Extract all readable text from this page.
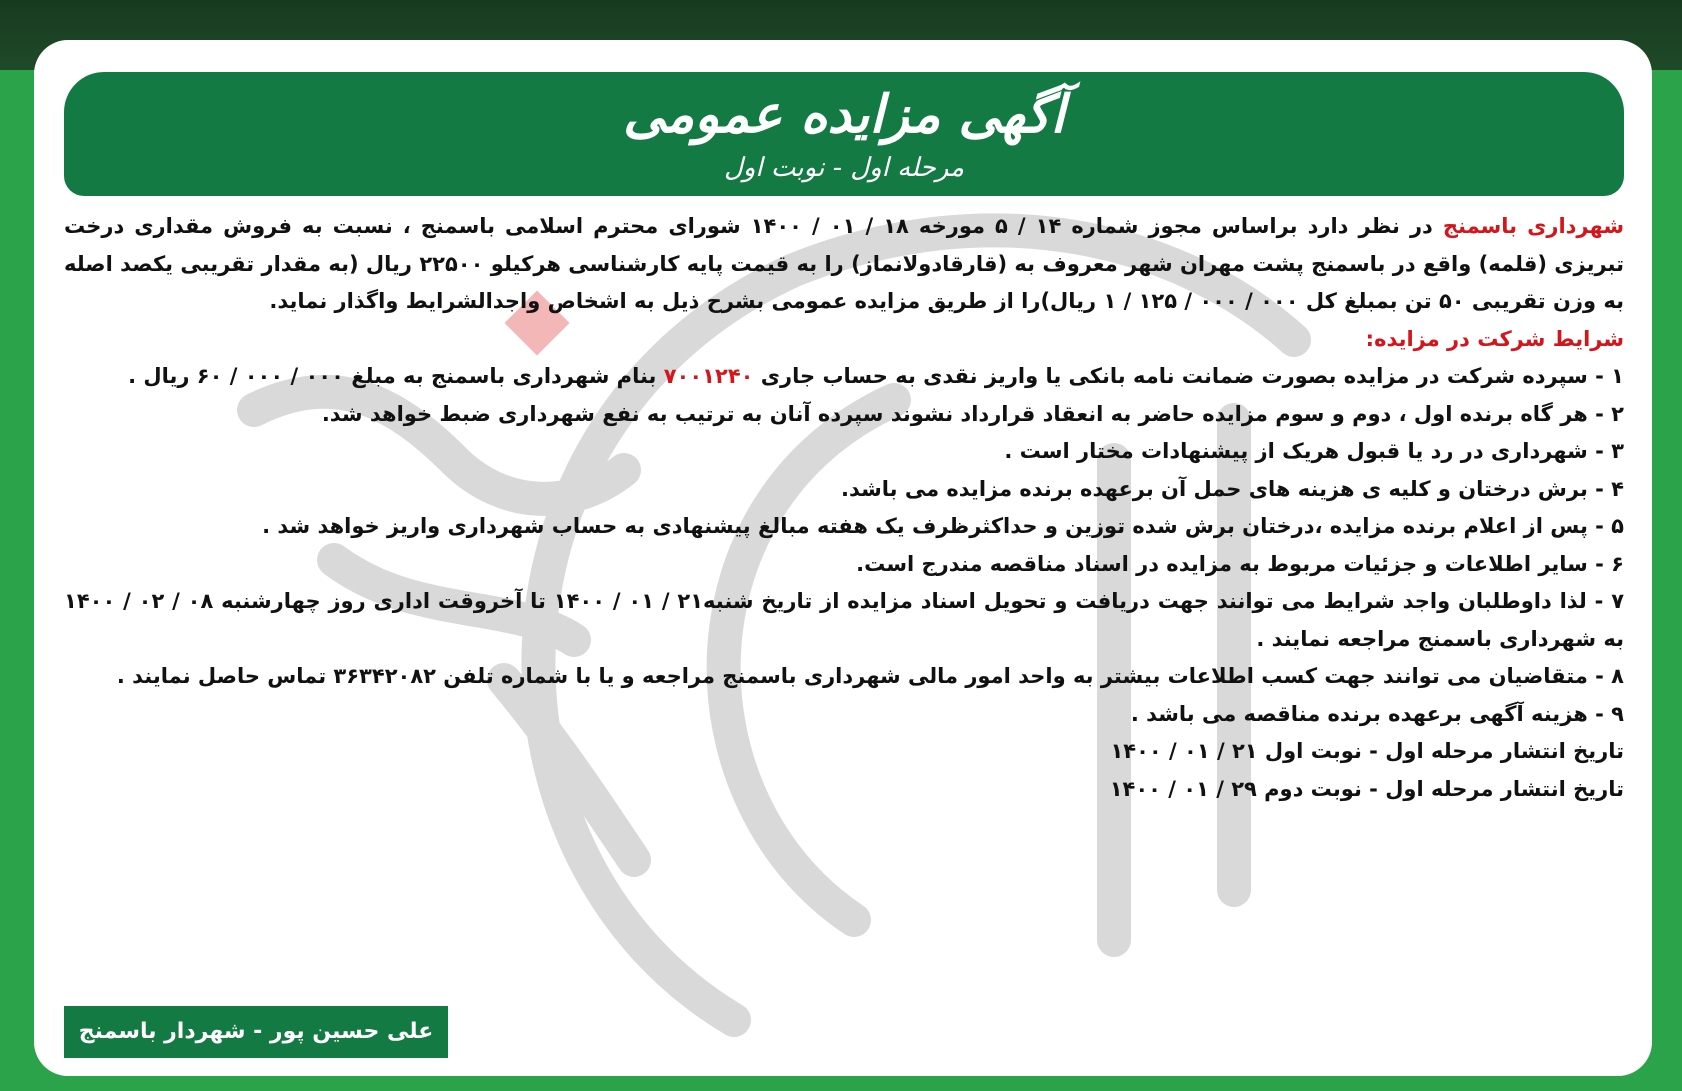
آگهی مزایده عمومی
مرحله اول - نوبت اول

شهرداری باسمنج در نظر دارد براساس مجوز شماره ۱۴ / ۵ مورخه ۱۸ / ۰۱ / ۱۴۰۰ شورای محترم اسلامی باسمنج ، نسبت به فروش مقداری درخت تبریزی (قلمه) واقع در باسمنج پشت مهران شهر معروف به (قارقادولانماز) را به قیمت پایه کارشناسی هرکیلو ۲۲۵۰۰ ریال (به مقدار تقریبی یکصد اصله به وزن تقریبی ۵۰ تن بمبلغ کل ۰۰۰ / ۰۰۰ / ۱۲۵ / ۱ ریال)را از طریق مزایده عمومی بشرح ذیل به اشخاص واجدالشرایط واگذار نماید.

شرایط شرکت در مزایده:

۱ - سپرده شرکت در مزایده بصورت ضمانت نامه بانکی یا واریز نقدی به حساب جاری ۷۰۰۱۲۴۰ بنام شهرداری باسمنج به مبلغ ۰۰۰ / ۰۰۰ / ۶۰ ریال .

۲ - هر گاه برنده اول ، دوم و سوم مزایده حاضر به انعقاد قرارداد نشوند سپرده آنان به ترتیب به نفع شهرداری ضبط خواهد شد.

۳ - شهرداری در رد یا قبول هریک از پیشنهادات مختار است .

۴ - برش درختان و کلیه ی هزینه های حمل آن برعهده برنده مزایده می باشد.

۵ - پس از اعلام برنده مزایده ،درختان برش شده توزین و حداکثرظرف یک هفته مبالغ پیشنهادی به حساب شهرداری واریز خواهد شد .

۶ - سایر اطلاعات و جزئیات مربوط به مزایده در اسناد مناقصه مندرج است.

۷ - لذا داوطلبان واجد شرایط می توانند جهت دریافت و تحویل اسناد مزایده از تاریخ شنبه۲۱ / ۰۱ / ۱۴۰۰ تا آخروقت اداری روز چهارشنبه ۰۸ / ۰۲ / ۱۴۰۰ به شهرداری باسمنج مراجعه نمایند .

۸ - متقاضیان می توانند جهت کسب اطلاعات بیشتر به واحد امور مالی شهرداری باسمنج مراجعه و یا با شماره تلفن ۳۶۳۴۲۰۸۲ تماس حاصل نمایند .

۹ - هزینه آگهی برعهده برنده مناقصه می باشد .

تاریخ انتشار مرحله اول - نوبت اول ۲۱ / ۰۱ / ۱۴۰۰

تاریخ انتشار مرحله اول - نوبت دوم ۲۹ / ۰۱ / ۱۴۰۰

علی حسین پور - شهردار باسمنج
